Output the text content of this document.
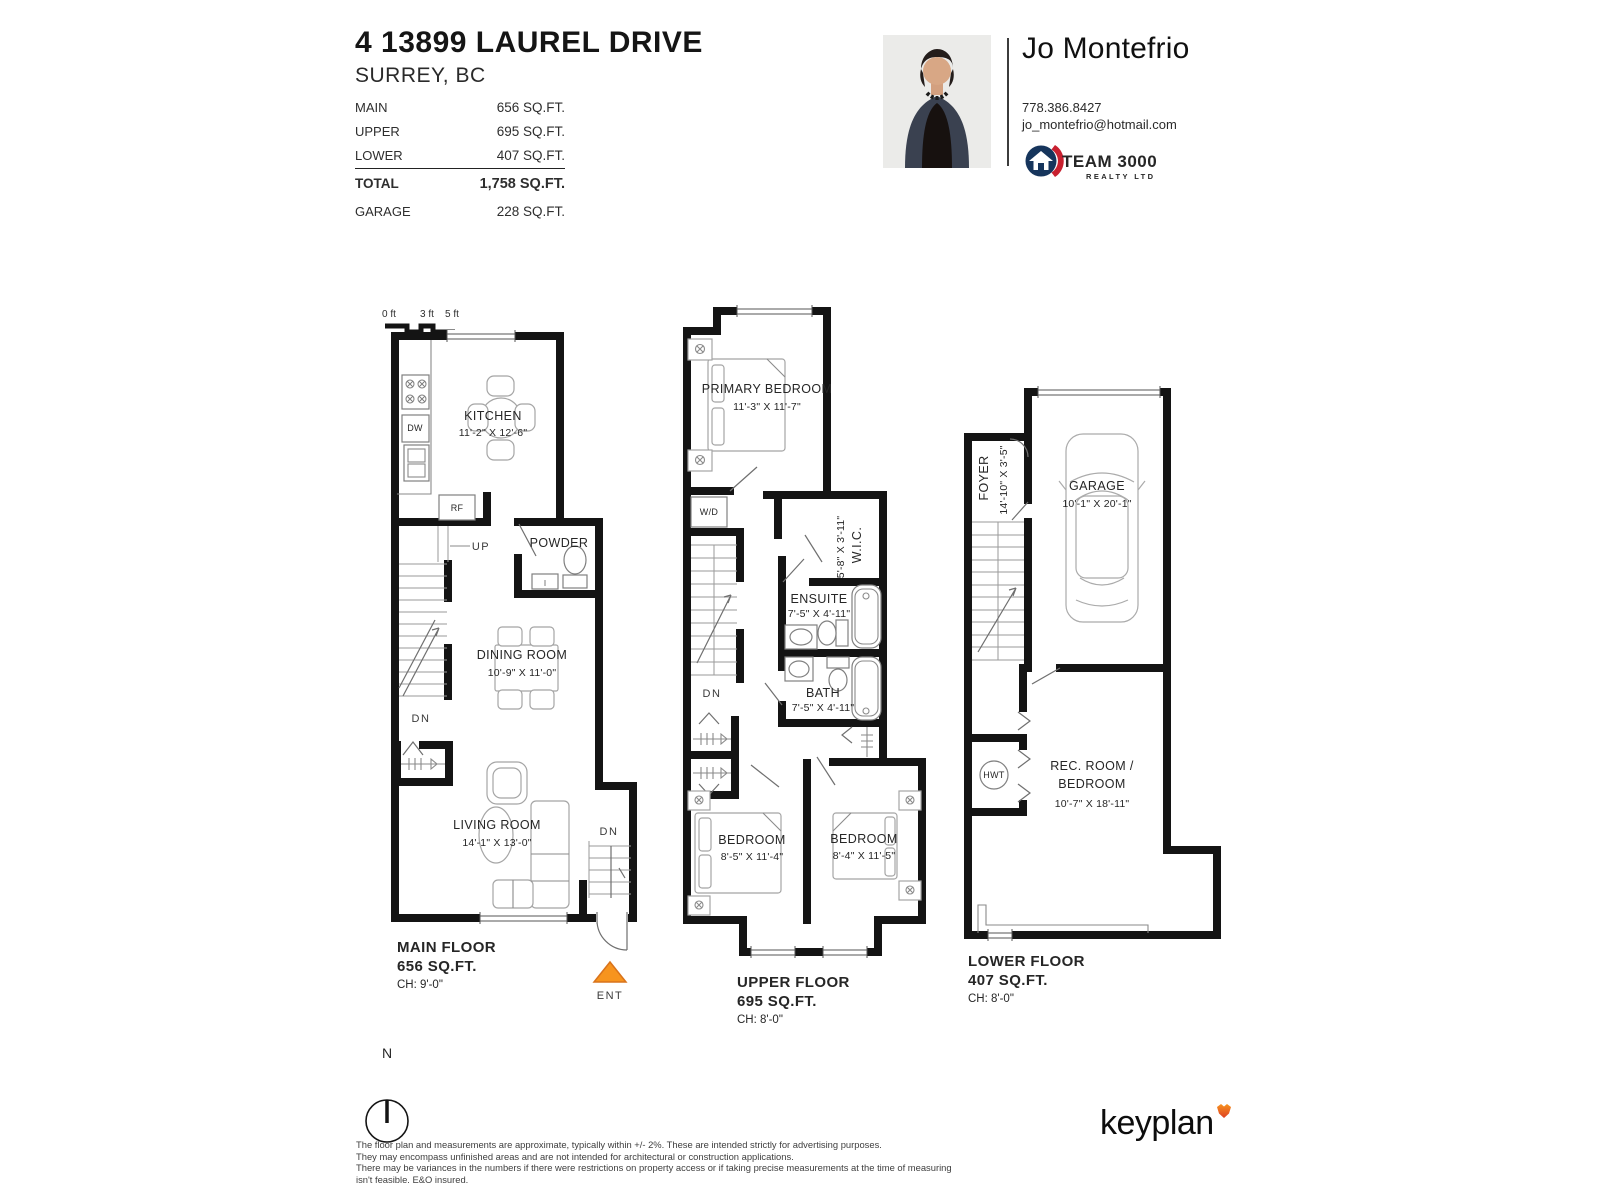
4 13899 LAUREL DRIVE
SURREY, BC
MAIN	656 SQ.FT.
UPPER	695 SQ.FT.
LOWER	407 SQ.FT.
TOTAL	1,758 SQ.FT.
GARAGE	228 SQ.FT.
Jo Montefrio
778.386.8427
jo_montefrio@hotmail.com
TEAM 3000
REALTY LTD
0 ft 3 ft 5 ft
DW
RF
UP
DN
DN
KITCHEN
11'-2" X 12'-6"
POWDER
DINING ROOM
10'-9" X 11'-0"
LIVING ROOM
14'-1" X 13'-0"
ENT
MAIN FLOOR
656 SQ.FT.
CH: 9'-0"
W/D
DN
PRIMARY BEDROOM
11'-3" X 11'-7"
W.I.C.
5'-8" X 3'-11"
ENSUITE
7'-5" X 4'-11"
BATH
7'-5" X 4'-11"
BEDROOM
8'-5" X 11'-4"
BEDROOM
8'-4" X 11'-5"
UPPER FLOOR
695 SQ.FT.
CH: 8'-0"
HWT
FOYER 14'-10" X 3'-5"	GARAGE
10'-1" X 20'-1"
REC. ROOM /
BEDROOM
10'-7" X 18'-11"
LOWER FLOOR
407 SQ.FT.
CH: 8'-0"
N
The floor plan and measurements are approximate, typically within +/- 2%. These are intended strictly for advertising purposes.
They may encompass unfinished areas and are not intended for architectural or construction applications.
There may be variances in the numbers if there were restrictions on property access or if taking precise measurements at the time of measuring isn't feasible. E&O insured.
keyplan
